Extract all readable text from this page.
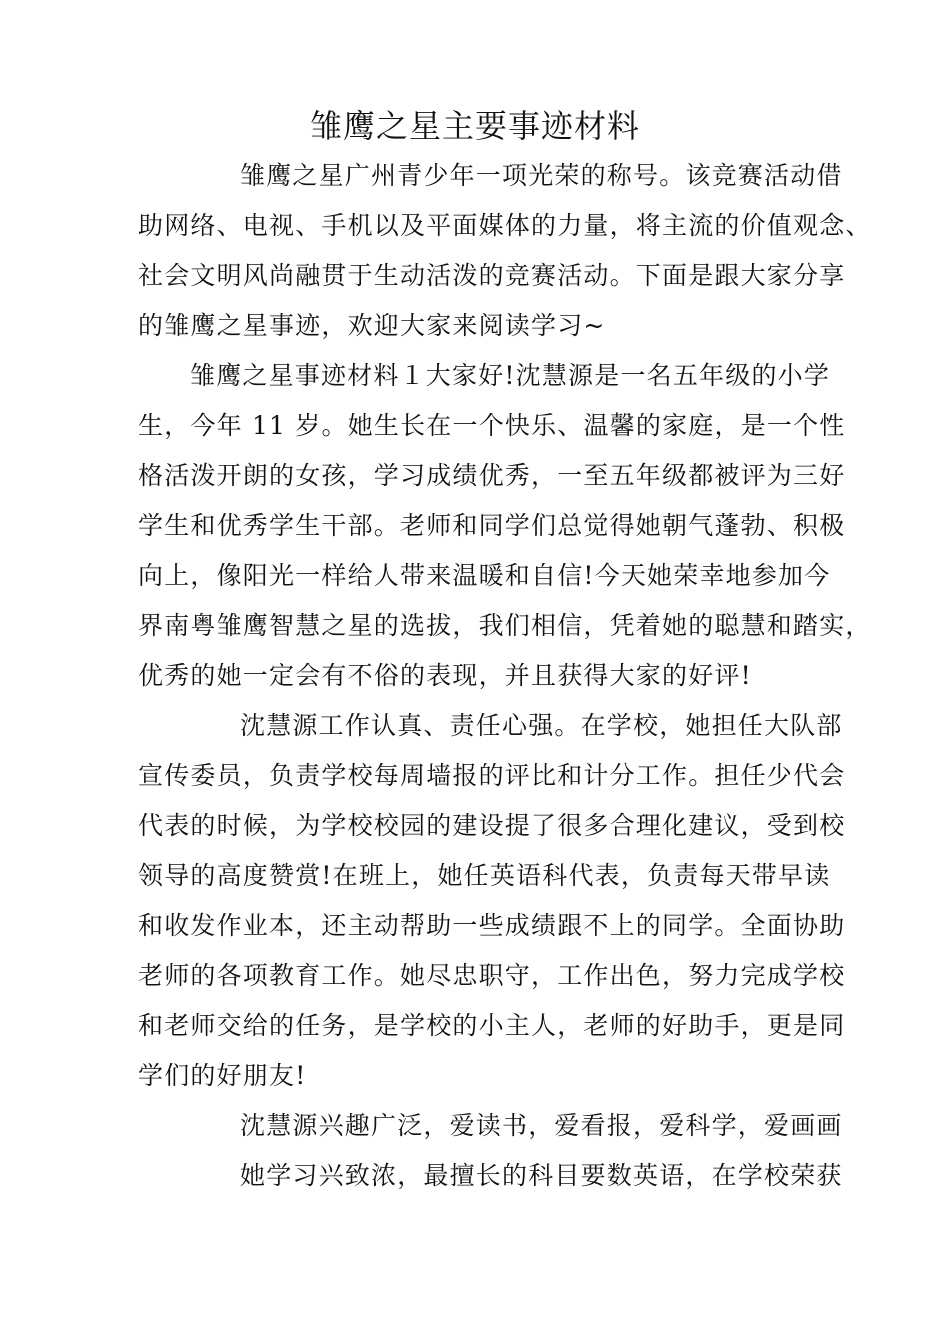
雏鹰之星主要事迹材料
雏鹰之星广州青少年一项光荣的称号。该竞赛活动借
助网络、电视、手机以及平面媒体的力量，将主流的价值观念、
社会文明风尚融贯于生动活泼的竞赛活动。下面是跟大家分享
的雏鹰之星事迹，欢迎大家来阅读学习~
雏鹰之星事迹材料１大家好!沈慧源是一名五年级的小学
生，今年 11 岁。她生长在一个快乐、温馨的家庭，是一个性
格活泼开朗的女孩，学习成绩优秀，一至五年级都被评为三好
学生和优秀学生干部。老师和同学们总觉得她朝气蓬勃、积极
向上，像阳光一样给人带来温暖和自信!今天她荣幸地参加今
界南粤雏鹰智慧之星的选拔，我们相信，凭着她的聪慧和踏实，
优秀的她一定会有不俗的表现，并且获得大家的好评!
沈慧源工作认真、责任心强。在学校，她担任大队部
宣传委员，负责学校每周墙报的评比和计分工作。担任少代会
代表的时候，为学校校园的建设提了很多合理化建议，受到校
领导的高度赞赏!在班上，她任英语科代表，负责每天带早读
和收发作业本，还主动帮助一些成绩跟不上的同学。全面协助
老师的各项教育工作。她尽忠职守，工作出色，努力完成学校
和老师交给的任务，是学校的小主人，老师的好助手，更是同
学们的好朋友!
沈慧源兴趣广泛，爱读书，爱看报，爱科学，爱画画
她学习兴致浓，最擅长的科目要数英语，在学校荣获
